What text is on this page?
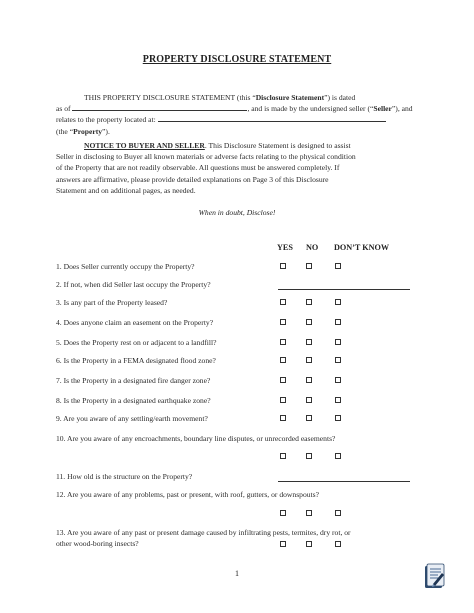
PROPERTY DISCLOSURE STATEMENT
THIS PROPERTY DISCLOSURE STATEMENT (this “Disclosure Statement”) is dated
as of	, and is made by the undersigned seller (“Seller”), and
relates to the property located at:
(the “Property”).
NOTICE TO BUYER AND SELLER. This Disclosure Statement is designed to assist
Seller in disclosing to Buyer all known materials or adverse facts relating to the physical condition
of the Property that are not readily observable. All questions must be answered completely. If
answers are affirmative, please provide detailed explanations on Page 3 of this Disclosure
Statement and on additional pages, as needed.
When in doubt, Disclose!
YES NO DON’T KNOW
1. Does Seller currently occupy the Property?
2. If not, when did Seller last occupy the Property?
3. Is any part of the Property leased?
4. Does anyone claim an easement on the Property?
5. Does the Property rest on or adjacent to a landfill?
6. Is the Property in a FEMA designated flood zone?
7. Is the Property in a designated fire danger zone?
8. Is the Property in a designated earthquake zone?
9. Are you aware of any settling/earth movement?
10. Are you aware of any encroachments, boundary line disputes, or unrecorded easements?
11. How old is the structure on the Property?
12. Are you aware of any problems, past or present, with roof, gutters, or downspouts?
13. Are you aware of any past or present damage caused by infiltrating pests, termites, dry rot, or
other wood-boring insects?
1
